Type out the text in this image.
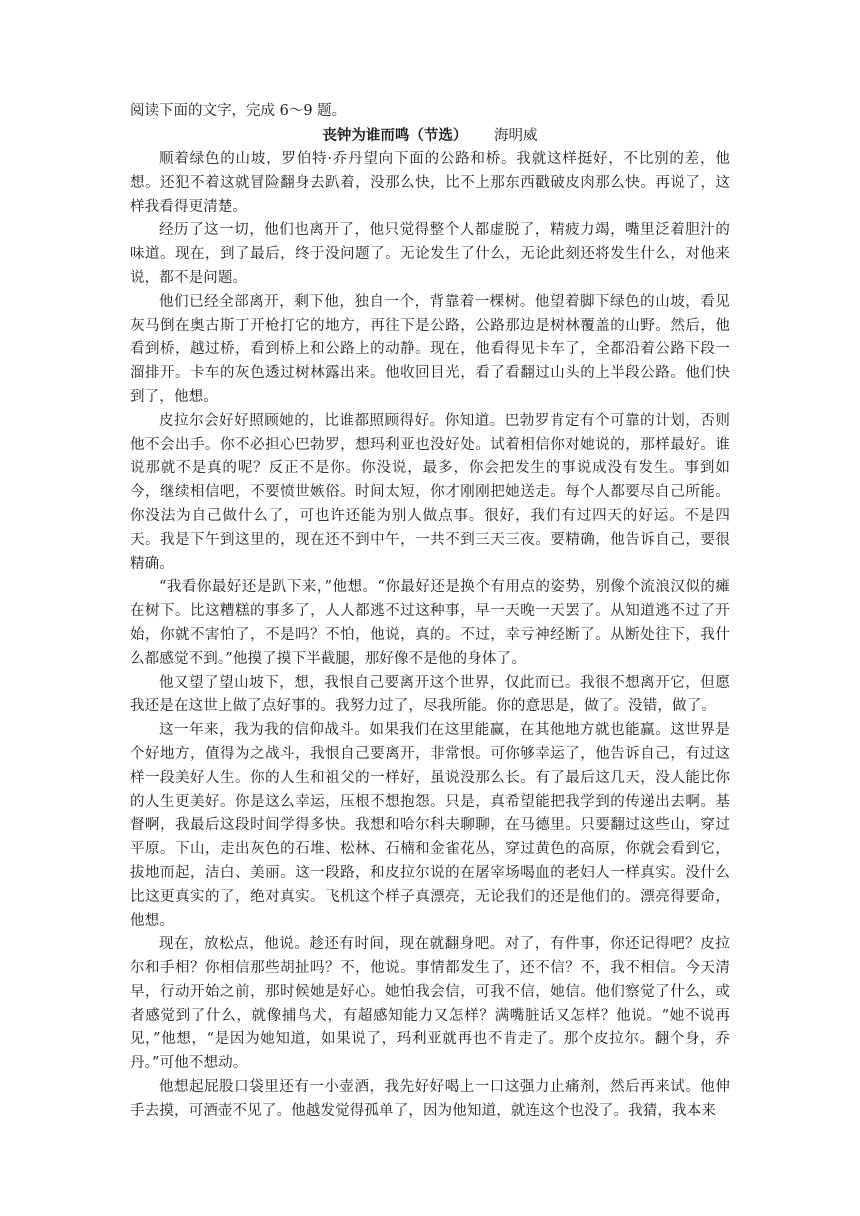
阅读下面的文字，完成 6～9 题。

丧钟为谁而鸣（节选） 海明威

顺着绿色的山坡，罗伯特·乔丹望向下面的公路和桥。我就这样挺好，不比别的差，他想。还犯不着这就冒险翻身去趴着，没那么快，比不上那东西戳破皮肉那么快。再说了，这样我看得更清楚。

经历了这一切，他们也离开了，他只觉得整个人都虚脱了，精疲力竭，嘴里泛着胆汁的味道。现在，到了最后，终于没问题了。无论发生了什么，无论此刻还将发生什么，对他来说，都不是问题。

他们已经全部离开，剩下他，独自一个，背靠着一棵树。他望着脚下绿色的山坡，看见灰马倒在奥古斯丁开枪打它的地方，再往下是公路，公路那边是树林覆盖的山野。然后，他看到桥，越过桥，看到桥上和公路上的动静。现在，他看得见卡车了，全都沿着公路下段一溜排开。卡车的灰色透过树林露出来。他收回目光，看了看翻过山头的上半段公路。他们快到了，他想。

皮拉尔会好好照顾她的，比谁都照顾得好。你知道。巴勃罗肯定有个可靠的计划，否则他不会出手。你不必担心巴勃罗，想玛利亚也没好处。试着相信你对她说的，那样最好。谁说那就不是真的呢？反正不是你。你没说，最多，你会把发生的事说成没有发生。事到如今，继续相信吧，不要愤世嫉俗。时间太短，你才刚刚把她送走。每个人都要尽自己所能。你没法为自己做什么了，可也许还能为别人做点事。很好，我们有过四天的好运。不是四天。我是下午到这里的，现在还不到中午，一共不到三天三夜。要精确，他告诉自己，要很精确。

“我看你最好还是趴下来，”他想。“你最好还是换个有用点的姿势，别像个流浪汉似的瘫在树下。比这糟糕的事多了，人人都逃不过这种事，早一天晚一天罢了。从知道逃不过了开始，你就不害怕了，不是吗？不怕，他说，真的。不过，幸亏神经断了。从断处往下，我什么都感觉不到。”他摸了摸下半截腿，那好像不是他的身体了。

他又望了望山坡下，想，我恨自己要离开这个世界，仅此而已。我很不想离开它，但愿我还是在这世上做了点好事的。我努力过了，尽我所能。你的意思是，做了。没错，做了。

这一年来，我为我的信仰战斗。如果我们在这里能赢，在其他地方就也能赢。这世界是个好地方，值得为之战斗，我恨自己要离开，非常恨。可你够幸运了，他告诉自己，有过这样一段美好人生。你的人生和祖父的一样好，虽说没那么长。有了最后这几天，没人能比你的人生更美好。你是这么幸运，压根不想抱怨。只是，真希望能把我学到的传递出去啊。基督啊，我最后这段时间学得多快。我想和哈尔科夫聊聊，在马德里。只要翻过这些山，穿过平原。下山，走出灰色的石堆、松林、石楠和金雀花丛，穿过黄色的高原，你就会看到它，拔地而起，洁白、美丽。这一段路，和皮拉尔说的在屠宰场喝血的老妇人一样真实。没什么比这更真实的了，绝对真实。飞机这个样子真漂亮，无论我们的还是他们的。漂亮得要命，他想。

现在，放松点，他说。趁还有时间，现在就翻身吧。对了，有件事，你还记得吧？皮拉尔和手相？你相信那些胡扯吗？不，他说。事情都发生了，还不信？不，我不相信。今天清早，行动开始之前，那时候她是好心。她怕我会信，可我不信，她信。他们察觉了什么，或者感觉到了什么，就像捕鸟犬，有超感知能力又怎样？满嘴脏话又怎样？他说。“她不说再见，”他想，“是因为她知道，如果说了，玛利亚就再也不肯走了。那个皮拉尔。翻个身，乔丹。”可他不想动。

他想起屁股口袋里还有一小壶酒，我先好好喝上一口这强力止痛剂，然后再来试。他伸手去摸，可酒壶不见了。他越发觉得孤单了，因为他知道，就连这个也没了。我猜，我本来
